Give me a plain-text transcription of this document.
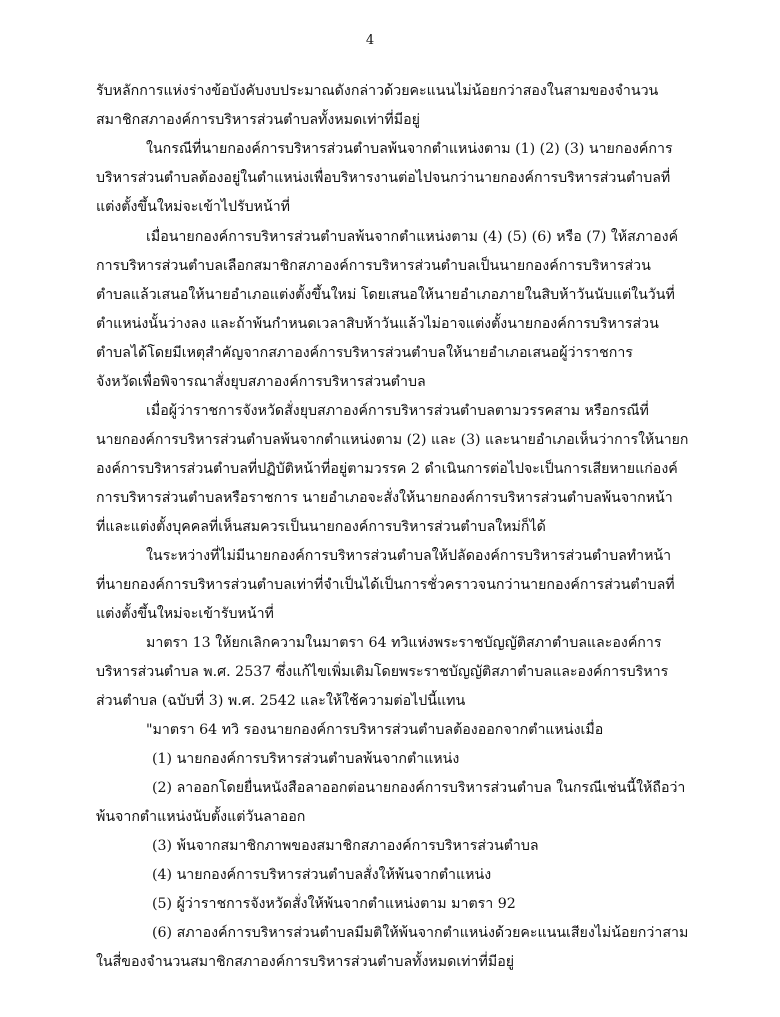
4
รับหลักการแห่งร่างข้อบังคับงบประมาณดังกล่าวด้วยคะแนนไม่น้อยกว่าสองในสามของจำนวน
สมาชิกสภาองค์การบริหารส่วนตำบลทั้งหมดเท่าที่มีอยู่
ในกรณีที่นายกองค์การบริหารส่วนตำบลพ้นจากตำแหน่งตาม (1) (2) (3) นายกองค์การ
บริหารส่วนตำบลต้องอยู่ในตำแหน่งเพื่อบริหารงานต่อไปจนกว่านายกองค์การบริหารส่วนตำบลที่
แต่งตั้งขึ้นใหม่จะเข้าไปรับหน้าที่
เมื่อนายกองค์การบริหารส่วนตำบลพ้นจากตำแหน่งตาม (4) (5) (6) หรือ (7) ให้สภาองค์
การบริหารส่วนตำบลเลือกสมาชิกสภาองค์การบริหารส่วนตำบลเป็นนายกองค์การบริหารส่วน
ตำบลแล้วเสนอให้นายอำเภอแต่งตั้งขึ้นใหม่ โดยเสนอให้นายอำเภอภายในสิบห้าวันนับแต่ในวันที่
ตำแหน่งนั้นว่างลง และถ้าพ้นกำหนดเวลาสิบห้าวันแล้วไม่อาจแต่งตั้งนายกองค์การบริหารส่วน
ตำบลได้โดยมีเหตุสำคัญจากสภาองค์การบริหารส่วนตำบลให้นายอำเภอเสนอผู้ว่าราชการ
จังหวัดเพื่อพิจารณาสั่งยุบสภาองค์การบริหารส่วนตำบล
เมื่อผู้ว่าราชการจังหวัดสั่งยุบสภาองค์การบริหารส่วนตำบลตามวรรคสาม หรือกรณีที่
นายกองค์การบริหารส่วนตำบลพ้นจากตำแหน่งตาม (2) และ (3) และนายอำเภอเห็นว่าการให้นายก
องค์การบริหารส่วนตำบลที่ปฏิบัติหน้าที่อยู่ตามวรรค 2 ดำเนินการต่อไปจะเป็นการเสียหายแก่องค์
การบริหารส่วนตำบลหรือราชการ นายอำเภอจะสั่งให้นายกองค์การบริหารส่วนตำบลพ้นจากหน้า
ที่และแต่งตั้งบุคคลที่เห็นสมควรเป็นนายกองค์การบริหารส่วนตำบลใหม่ก็ได้
ในระหว่างที่ไม่มีนายกองค์การบริหารส่วนตำบลให้ปลัดองค์การบริหารส่วนตำบลทำหน้า
ที่นายกองค์การบริหารส่วนตำบลเท่าที่จำเป็นได้เป็นการชั่วคราวจนกว่านายกองค์การส่วนตำบลที่
แต่งตั้งขึ้นใหม่จะเข้ารับหน้าที่
มาตรา 13 ให้ยกเลิกความในมาตรา 64 ทวิแห่งพระราชบัญญัติสภาตำบลและองค์การ
บริหารส่วนตำบล พ.ศ. 2537 ซึ่งแก้ไขเพิ่มเติมโดยพระราชบัญญัติสภาตำบลและองค์การบริหาร
ส่วนตำบล (ฉบับที่ 3) พ.ศ. 2542 และให้ใช้ความต่อไปนี้แทน
"มาตรา 64 ทวิ รองนายกองค์การบริหารส่วนตำบลต้องออกจากตำแหน่งเมื่อ
(1) นายกองค์การบริหารส่วนตำบลพ้นจากตำแหน่ง
(2) ลาออกโดยยื่นหนังสือลาออกต่อนายกองค์การบริหารส่วนตำบล ในกรณีเช่นนี้ให้ถือว่า
พ้นจากตำแหน่งนับตั้งแต่วันลาออก
(3) พ้นจากสมาชิกภาพของสมาชิกสภาองค์การบริหารส่วนตำบล
(4) นายกองค์การบริหารส่วนตำบลสั่งให้พ้นจากตำแหน่ง
(5) ผู้ว่าราชการจังหวัดสั่งให้พ้นจากตำแหน่งตาม มาตรา 92
(6) สภาองค์การบริหารส่วนตำบลมีมติให้พ้นจากตำแหน่งด้วยคะแนนเสียงไม่น้อยกว่าสาม
ในสี่ของจำนวนสมาชิกสภาองค์การบริหารส่วนตำบลทั้งหมดเท่าที่มีอยู่
